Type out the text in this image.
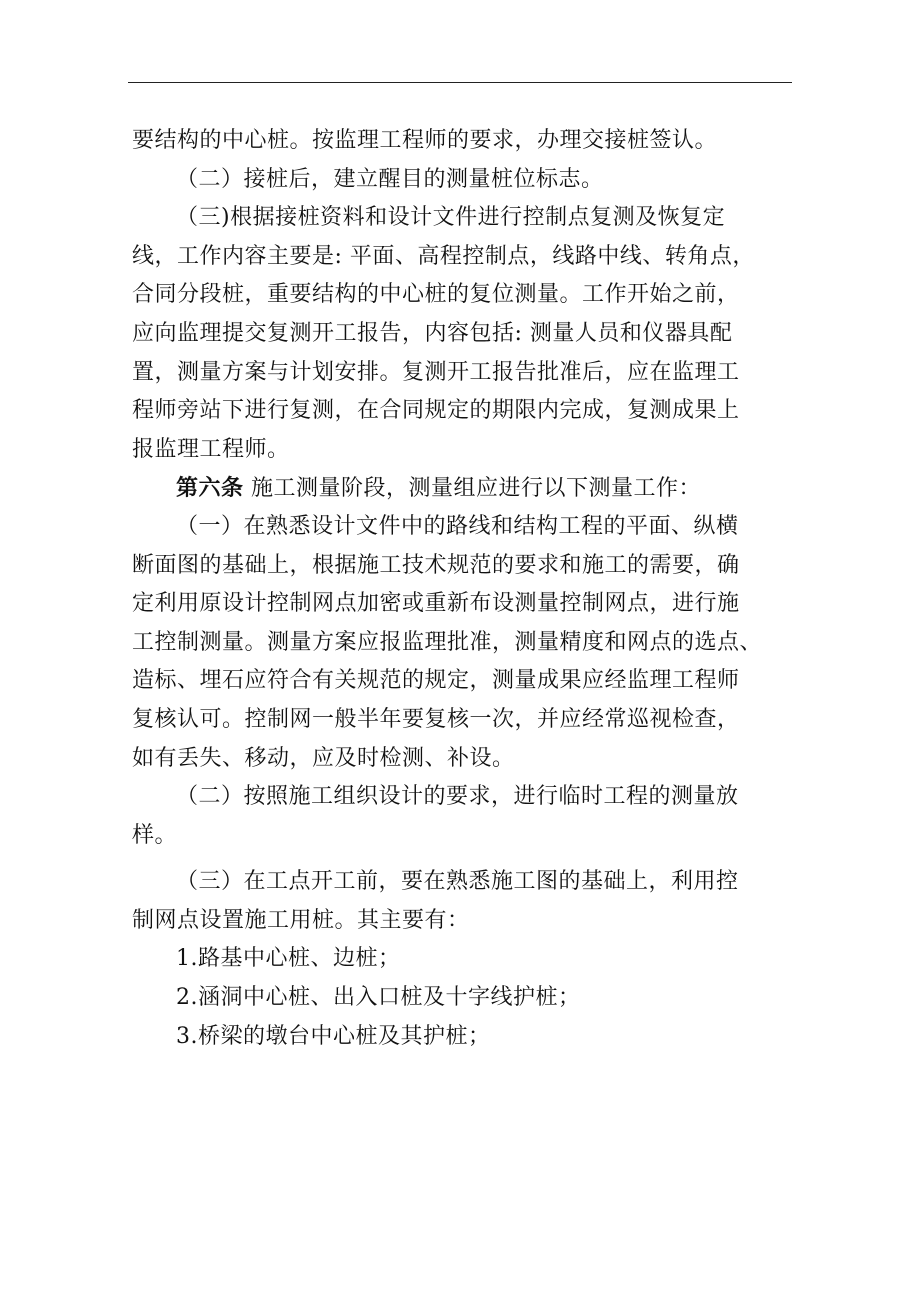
要结构的中心桩。按监理工程师的要求，办理交接桩签认。
（二）接桩后，建立醒目的测量桩位标志。
（三)根据接桩资料和设计文件进行控制点复测及恢复定
线，工作内容主要是: 平面、高程控制点，线路中线、转角点，
合同分段桩，重要结构的中心桩的复位测量。工作开始之前，
应向监理提交复测开工报告，内容包括: 测量人员和仪器具配
置，测量方案与计划安排。复测开工报告批准后，应在监理工
程师旁站下进行复测，在合同规定的期限内完成，复测成果上
报监理工程师。
第六条 施工测量阶段，测量组应进行以下测量工作：
（一）在熟悉设计文件中的路线和结构工程的平面、纵横
断面图的基础上，根据施工技术规范的要求和施工的需要，确
定利用原设计控制网点加密或重新布设测量控制网点，进行施
工控制测量。测量方案应报监理批准，测量精度和网点的选点、
造标、埋石应符合有关规范的规定，测量成果应经监理工程师
复核认可。控制网一般半年要复核一次，并应经常巡视检查，
如有丢失、移动，应及时检测、补设。
（二）按照施工组织设计的要求，进行临时工程的测量放
样。
（三）在工点开工前，要在熟悉施工图的基础上，利用控
制网点设置施工用桩。其主要有：
1.路基中心桩、边桩；
2.涵洞中心桩、出入口桩及十字线护桩；
3.桥梁的墩台中心桩及其护桩；
